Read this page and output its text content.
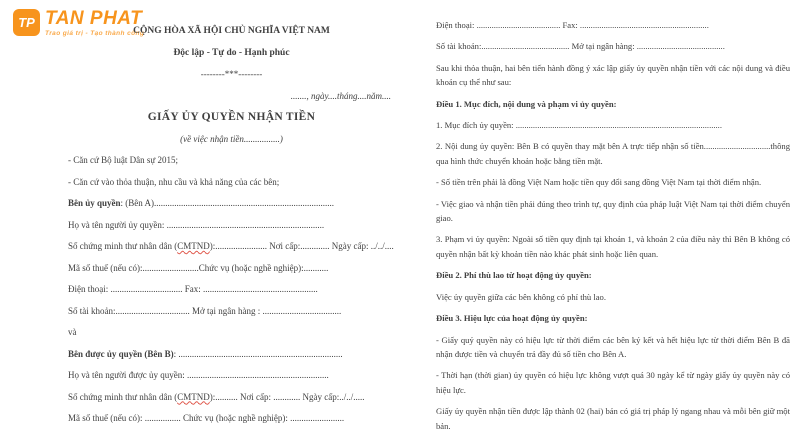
TP TAN PHAT
Trao giá trị - Tạo thành công

CỘNG HÒA XÃ HỘI CHỦ NGHĨA VIỆT NAM

Độc lập - Tự do - Hạnh phúc

--------***--------

......., ngày....tháng....năm....

GIẤY ỦY QUYỀN NHẬN TIỀN

(về việc nhận tiền................)

- Căn cứ Bộ luật Dân sự 2015;

- Căn cứ vào thỏa thuận, nhu cầu và khả năng của các bên;

Bên ủy quyền: (Bên A)................................................................................

Họ và tên người ủy quyền: ......................................................................

Số chứng minh thư nhân dân (CMTND):....................... Nơi cấp:............. Ngày cấp: ../../....

Mã số thuế (nếu có):.........................Chức vụ (hoặc nghề nghiệp):...........

Điện thoại: ................................ Fax: ...................................................

Số tài khoản:................................. Mở tại ngân hàng : ...................................

và

Bên được ủy quyền (Bên B): .........................................................................

Họ và tên người được ủy quyền: ...............................................................

Số chứng minh thư nhân dân (CMTND):.......... Nơi cấp: ............ Ngày cấp:../../.....

Mã số thuế (nếu có): ................ Chức vụ (hoặc nghề nghiệp): ........................

Điện thoại: ....................................... Fax: ............................................................

Số tài khoản:......................................... Mở tại ngân hàng: .........................................

Sau khi thỏa thuận, hai bên tiến hành đồng ý xác lập giấy ủy quyền nhận tiền với các nội dung và điều khoản cụ thể như sau:

Điều 1. Mục đích, nội dung và phạm vi ủy quyền:

1. Mục đích ủy quyền: ................................................................................................

2. Nội dung ủy quyền: Bên B có quyền thay mặt bên A trực tiếp nhận số tiền...............................thông qua hình thức chuyển khoản hoặc bằng tiền mặt.

- Số tiền trên phải là đồng Việt Nam hoặc tiền quy đổi sang đồng Việt Nam tại thời điểm nhận.

- Việc giao và nhận tiền phải đúng theo trình tự, quy định của pháp luật Việt Nam tại thời điểm chuyển giao.

3. Phạm vi ủy quyền: Ngoài số tiền quy định tại khoản 1, và khoản 2 của điều này thì Bên B không có quyền nhận bất kỳ khoản tiền nào khác phát sinh hoặc liên quan.

Điều 2. Phí thù lao từ hoạt động ủy quyền:

Việc ủy quyền giữa các bên không có phí thù lao.

Điều 3. Hiệu lực của hoạt động ủy quyền:

- Giấy quỷ quyền này có hiệu lực từ thời điểm các bên ký kết và hết hiệu lực từ thời điểm Bên B đã nhận được tiền và chuyển trả đầy đủ số tiền cho Bên A.

- Thời hạn (thời gian) ủy quyền có hiệu lực không vượt quá 30 ngày kể từ ngày giấy ủy quyền này có hiệu lực.

Giấy ủy quyền nhận tiền được lập thành 02 (hai) bản có giá trị pháp lý ngang nhau và mỗi bên giữ một bản.
